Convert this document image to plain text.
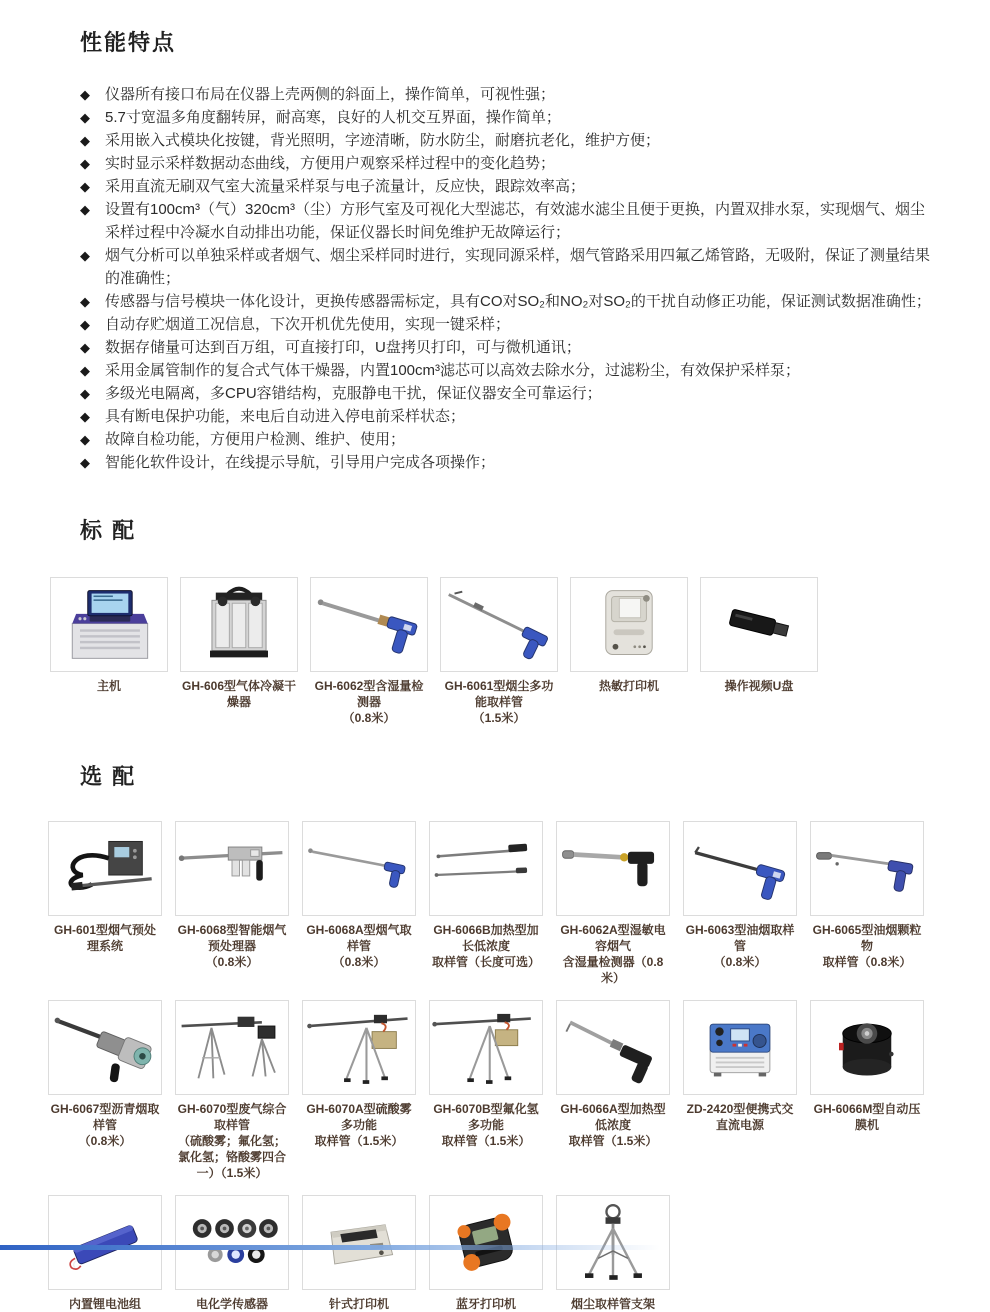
性能特点
◆	仪器所有接口布局在仪器上壳两侧的斜面上，操作简单，可视性强；
◆	5.7寸宽温多角度翻转屏，耐高寒，良好的人机交互界面，操作简单；
◆	采用嵌入式模块化按键，背光照明，字迹清晰，防水防尘，耐磨抗老化，维护方便；
◆	实时显示采样数据动态曲线，方便用户观察采样过程中的变化趋势；
◆	采用直流无刷双气室大流量采样泵与电子流量计，反应快，跟踪效率高；
◆	设置有100cm³（气）320cm³（尘）方形气室及可视化大型滤芯，有效滤水滤尘且便于更换，内置双排水泵，实现烟气、烟尘采样过程中冷凝水自动排出功能，保证仪器长时间免维护无故障运行；
◆	烟气分析可以单独采样或者烟气、烟尘采样同时进行，实现同源采样，烟气管路采用四氟乙烯管路，无吸附，保证了测量结果的准确性；
◆	传感器与信号模块一体化设计，更换传感器需标定，具有CO对SO₂和NO₂对SO₂的干扰自动修正功能，保证测试数据准确性；
◆	自动存贮烟道工况信息，下次开机优先使用，实现一键采样；
◆	数据存储量可达到百万组，可直接打印，U盘拷贝打印，可与微机通讯；
◆	采用金属管制作的复合式气体干燥器，内置100cm³滤芯可以高效去除水分，过滤粉尘，有效保护采样泵；
◆	多级光电隔离，多CPU容错结构，克服静电干扰，保证仪器安全可靠运行；
◆	具有断电保护功能，来电后自动进入停电前采样状态；
◆	故障自检功能，方便用户检测、维护、使用；
◆	智能化软件设计，在线提示导航，引导用户完成各项操作；
标 配
主机	GH-606型气体冷凝干燥器
GH-6062型含湿量检测器
（0.8米）
GH-6061型烟尘多功能取样管
（1.5米）
热敏打印机	操作视频U盘
选 配
GH-601型烟气预处理系统
GH-6068型智能烟气预处理器
（0.8米）
GH-6068A型烟气取样管
（0.8米）
GH-6066B加热型加长低浓度
取样管（长度可选）
GH-6062A型湿敏电容烟气
含湿量检测器（0.8米）
GH-6063型油烟取样管
（0.8米）
GH-6065型油烟颗粒物
取样管（0.8米）
GH-6067型沥青烟取样管
（0.8米）
GH-6070型废气综合取样管
（硫酸雾；氟化氢；氯化氢；铬酸雾四合一）（1.5米）
GH-6070A型硫酸雾多功能
取样管（1.5米）
GH-6070B型氟化氢多功能
取样管（1.5米）
GH-6066A型加热型低浓度
取样管（1.5米）
ZD-2420型便携式交直流电源
GH-6066M型自动压膜机
内置锂电池组	电化学传感器	针式打印机	蓝牙打印机	烟尘取样管支架
